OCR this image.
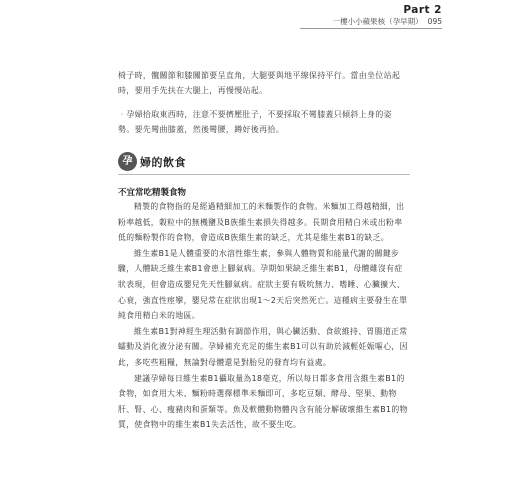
Part 2
一樓小小蘋果核（孕早期） 095
椅子時，髖關節和膝關節要呈直角，大腿要與地平線保持平行。當由坐位站起時，要用手先扶在大腿上，再慢慢站起。
‧孕婦拾取東西時，注意不要擠壓肚子，不要採取不彎膝蓋只傾斜上身的姿勢。要先彎曲膝蓋，然後彎腰，蹲好後再拾。
孕 婦的飲食
不宜常吃精製食物

精製的食物指的是經過精細加工的米麵製作的食物。米麵加工得越精細，出粉率越低，穀粒中的無機鹽及B族維生素損失得越多。長期食用精白米或出粉率低的麵粉製作的食物，會造成B族維生素的缺乏，尤其是維生素B1的缺乏。

維生素B1是人體重要的水溶性維生素，參與人體物質和能量代謝的關鍵步驟，人體缺乏維生素B1會患上腳氣病。孕期如果缺乏維生素B1，母體雖沒有症狀表現，但會造成嬰兒先天性腳氣病。症狀主要有吸吮無力、嗜睡、心臟擴大、心衰，強直性痙攣，嬰兒常在症狀出現1～2天后突然死亡。這種病主要發生在單純食用精白米的地區。

維生素B1對神經生理活動有調節作用，與心臟活動、食欲維持、胃腸道正常蠕動及消化液分泌有關。孕婦補充充足的維生素B1可以有助於減輕妊娠嘔心，因此，多吃些粗糧，無論對母體還是對胎兒的發育均有益處。

建議孕婦每日維生素B1攝取量為18毫克，所以每日都多食用含維生素B1的食物，如食用大米、麵粉時選擇標準米麵即可，多吃豆類、酵母、堅果、動物肝、腎、心、瘦豬肉和蛋類等。魚及軟體動物體內含有能分解破壞維生素B1的物質，使食物中的維生素B1失去活性，故不要生吃。
